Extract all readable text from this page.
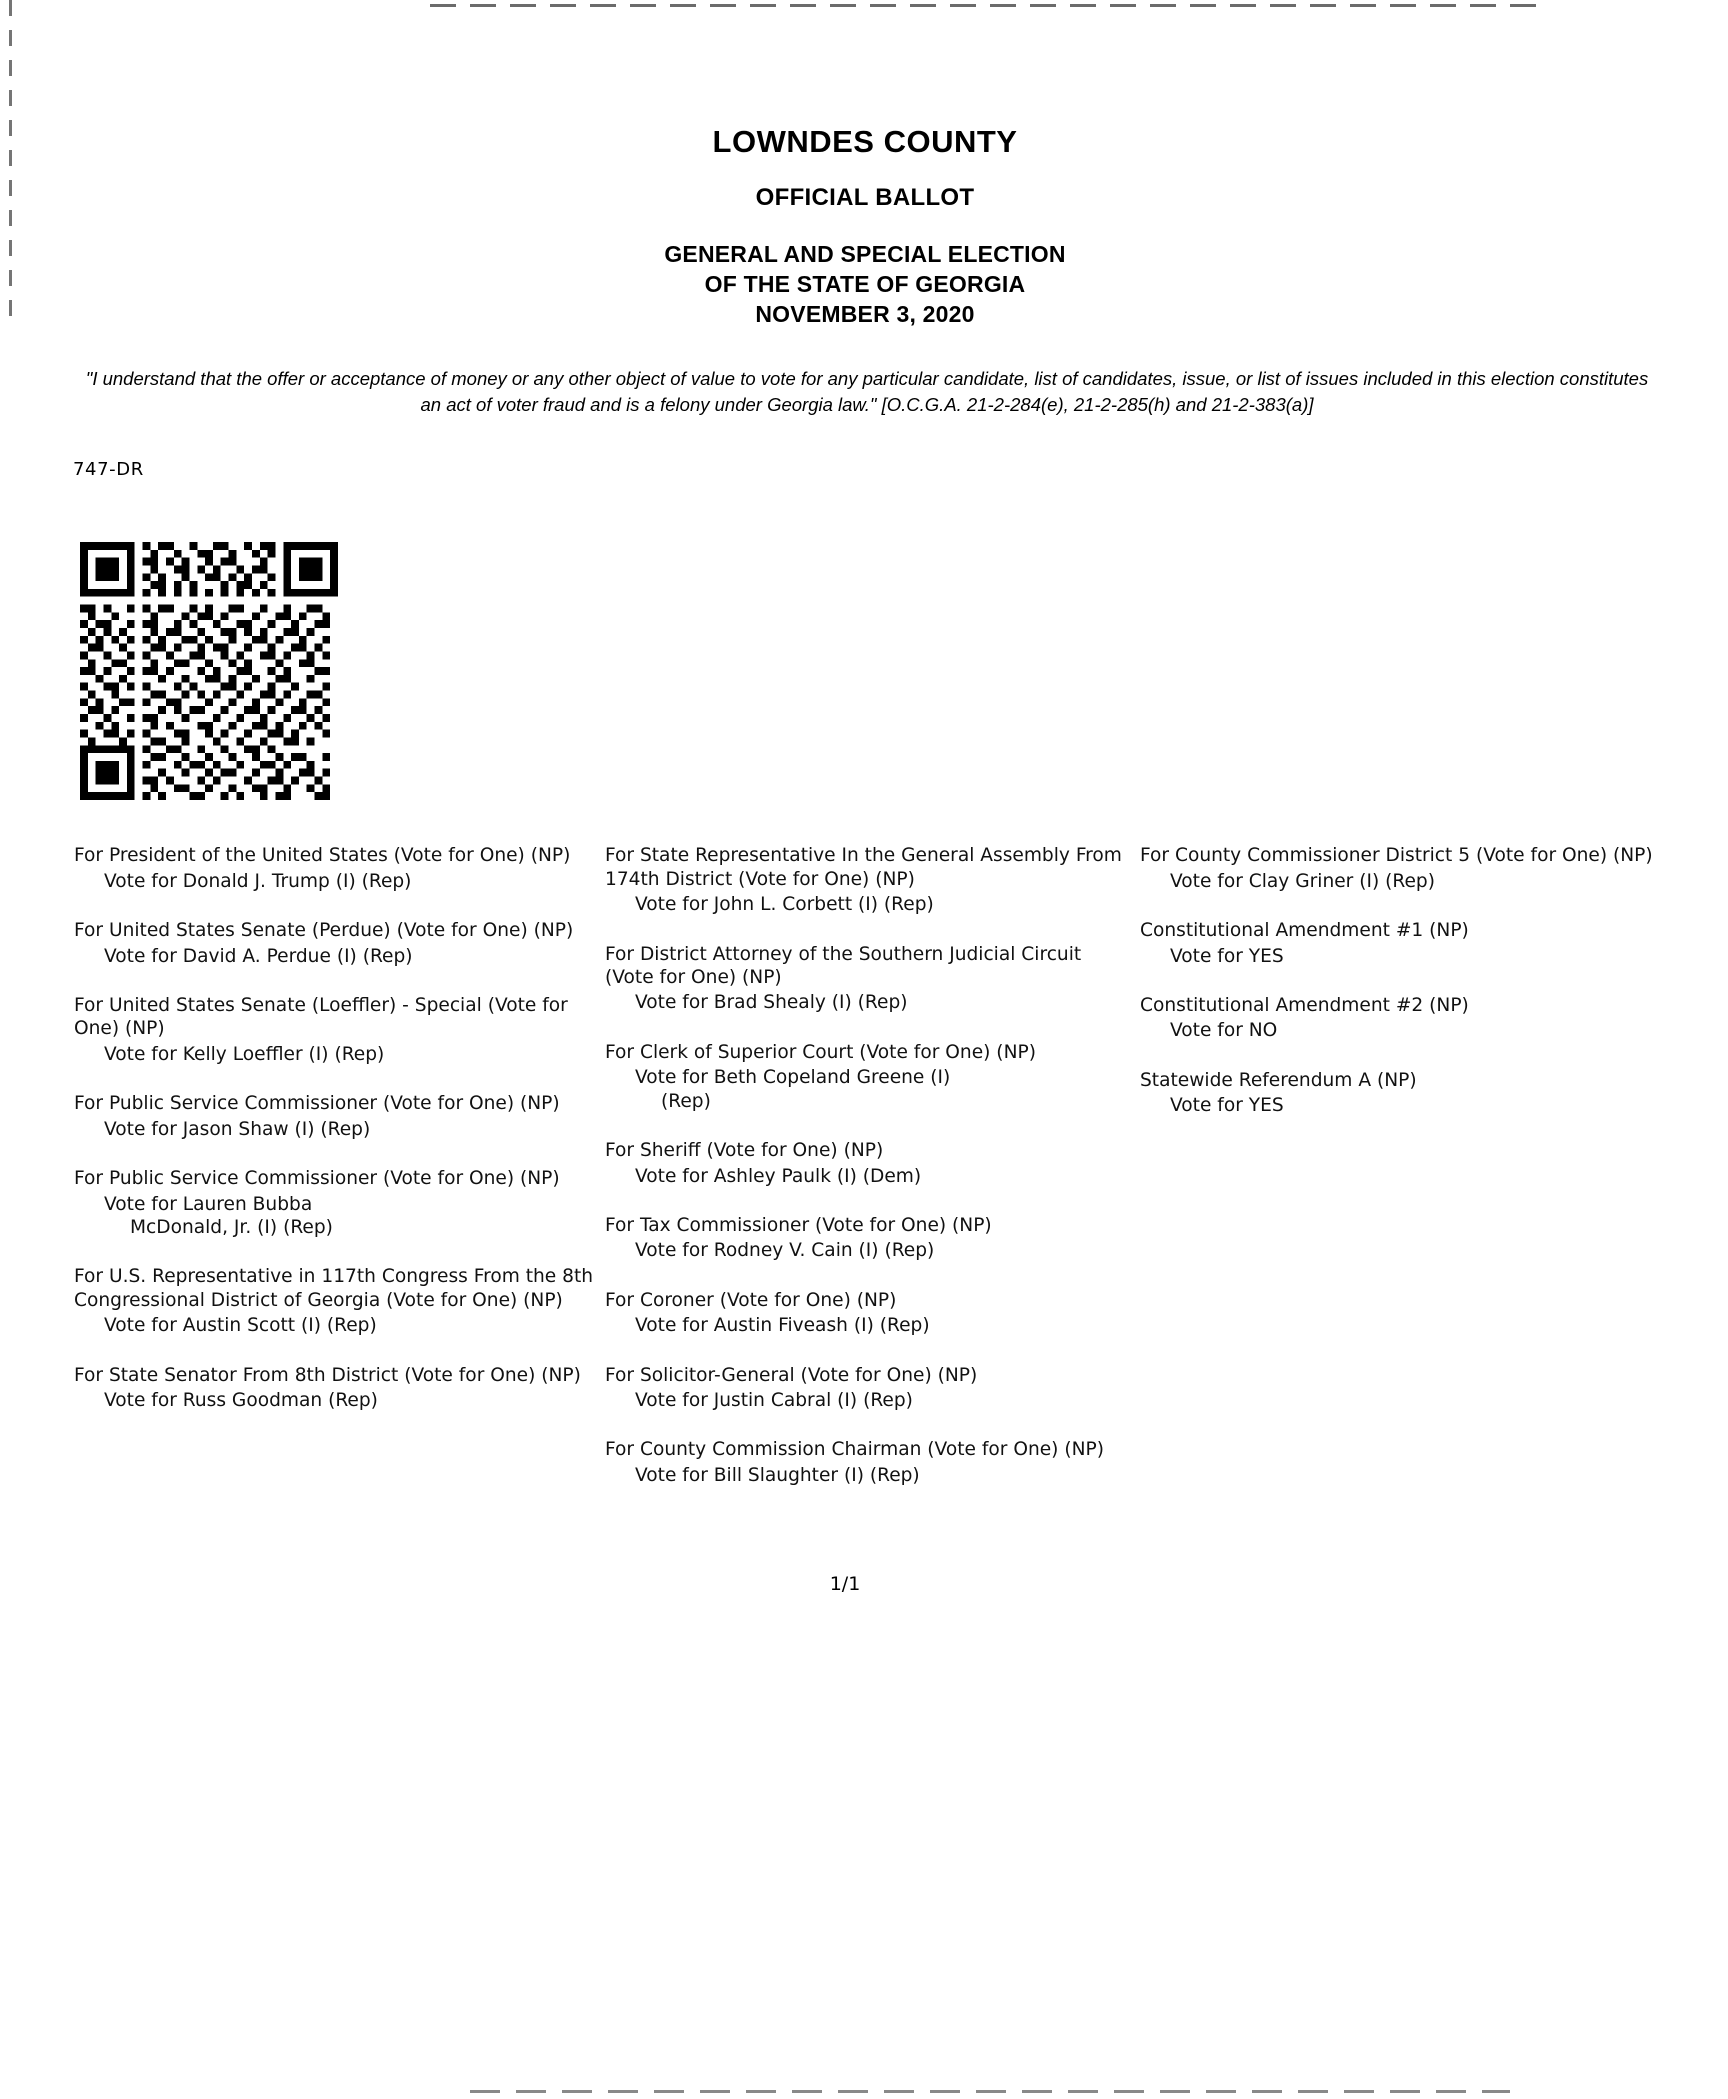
LOWNDES COUNTY
OFFICIAL BALLOT
GENERAL AND SPECIAL ELECTION
OF THE STATE OF GEORGIA
NOVEMBER 3, 2020
"I understand that the offer or acceptance of money or any other object of value to vote for any particular candidate, list of candidates, issue, or list of issues included in this election constitutes an act of voter fraud and is a felony under Georgia law." [O.C.G.A. 21-2-284(e), 21-2-285(h) and 21-2-383(a)]
747-DR
For President of the United States (Vote for One) (NP)
Vote for Donald J. Trump (I) (Rep)
For United States Senate (Perdue) (Vote for One) (NP)
Vote for David A. Perdue (I) (Rep)
For United States Senate (Loeffler) - Special (Vote for One) (NP)
Vote for Kelly Loeffler (I) (Rep)
For Public Service Commissioner (Vote for One) (NP)
Vote for Jason Shaw (I) (Rep)
For Public Service Commissioner (Vote for One) (NP)
Vote for Lauren Bubba
McDonald, Jr. (I) (Rep)
For U.S. Representative in 117th Congress From the 8th Congressional District of Georgia (Vote for One) (NP)
Vote for Austin Scott (I) (Rep)
For State Senator From 8th District (Vote for One) (NP)
Vote for Russ Goodman (Rep)
For State Representative In the General Assembly From 174th District (Vote for One) (NP)
Vote for John L. Corbett (I) (Rep)
For District Attorney of the Southern Judicial Circuit (Vote for One) (NP)
Vote for Brad Shealy (I) (Rep)
For Clerk of Superior Court (Vote for One) (NP)
Vote for Beth Copeland Greene (I)
(Rep)
For Sheriff (Vote for One) (NP)
Vote for Ashley Paulk (I) (Dem)
For Tax Commissioner (Vote for One) (NP)
Vote for Rodney V. Cain (I) (Rep)
For Coroner (Vote for One) (NP)
Vote for Austin Fiveash (I) (Rep)
For Solicitor-General (Vote for One) (NP)
Vote for Justin Cabral (I) (Rep)
For County Commission Chairman (Vote for One) (NP)
Vote for Bill Slaughter (I) (Rep)
For County Commissioner District 5 (Vote for One) (NP)
Vote for Clay Griner (I) (Rep)
Constitutional Amendment #1 (NP)
Vote for YES
Constitutional Amendment #2 (NP)
Vote for NO
Statewide Referendum A (NP)
Vote for YES
1/1
